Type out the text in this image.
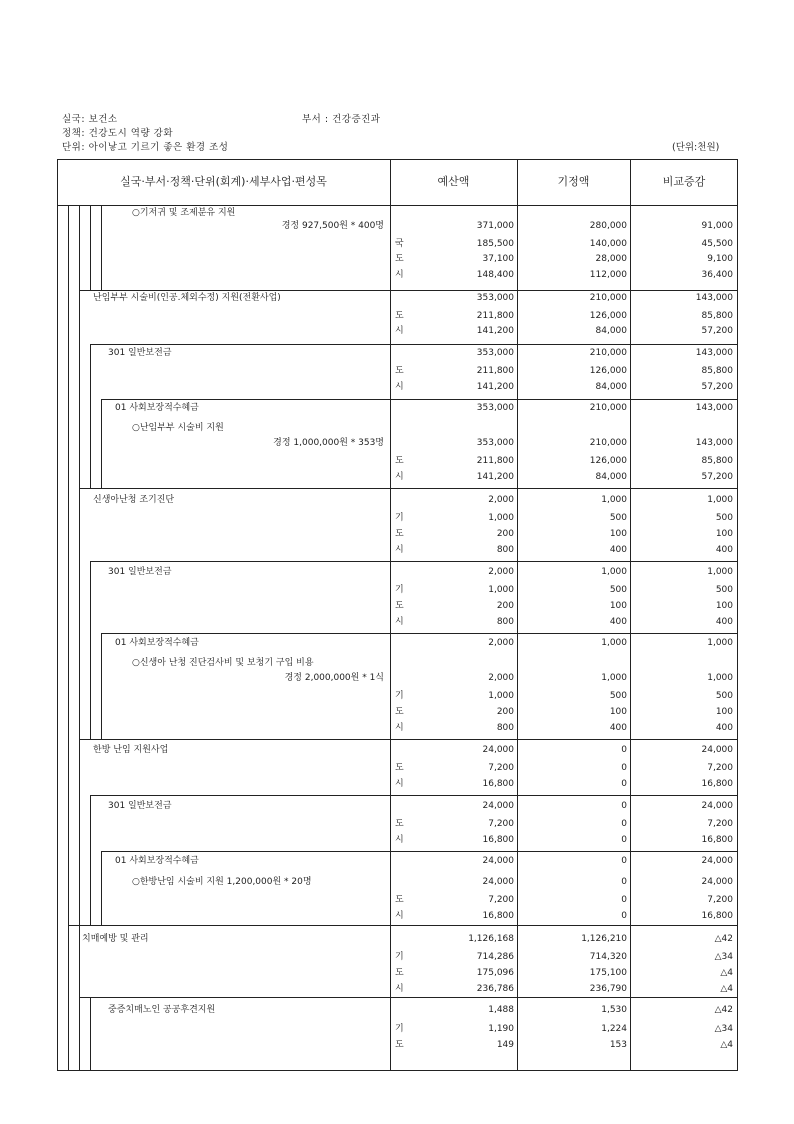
실국: 보건소	부서 : 건강증진과
정책: 건강도시 역량 강화
단위: 아이낳고 기르기 좋은 환경 조성	(단위:천원)
실국·부서·정책·단위(회계)·세부사업·편성목	예산액	기정액	비교증감
○기저귀 및 조제분유 지원
경정 927,500원 * 400명	371,000	280,000	91,000
국	185,500	140,000	45,500
도	37,100	28,000	9,100
시	148,400	112,000	36,400
난임부부 시술비(인공.체외수정) 지원(전환사업)	353,000	210,000	143,000
도	211,800	126,000	85,800
시	141,200	84,000	57,200
301 일반보전금	353,000	210,000	143,000
도	211,800	126,000	85,800
시	141,200	84,000	57,200
01 사회보장적수혜금	353,000	210,000	143,000
○난임부부 시술비 지원
경정 1,000,000원 * 353명	353,000	210,000	143,000
도	211,800	126,000	85,800
시	141,200	84,000	57,200
신생아난청 조기진단	2,000	1,000	1,000
기	1,000	500	500
도	200	100	100
시	800	400	400
301 일반보전금	2,000	1,000	1,000
기	1,000	500	500
도	200	100	100
시	800	400	400
01 사회보장적수혜금	2,000	1,000	1,000
○신생아 난청 진단검사비 및 보청기 구입 비용
경정 2,000,000원 * 1식	2,000	1,000	1,000
기	1,000	500	500
도	200	100	100
시	800	400	400
한방 난임 지원사업	24,000	0	24,000
도	7,200	0	7,200
시	16,800	0	16,800
301 일반보전금	24,000	0	24,000
도	7,200	0	7,200
시	16,800	0	16,800
01 사회보장적수혜금	24,000	0	24,000
○한방난임 시술비 지원 1,200,000원 * 20명	24,000	0	24,000
도	7,200	0	7,200
시	16,800	0	16,800
치매예방 및 관리	1,126,168	1,126,210	△42
기	714,286	714,320	△34
도	175,096	175,100	△4
시	236,786	236,790	△4
중증치매노인 공공후견지원	1,488	1,530	△42
기	1,190	1,224	△34
도	149	153	△4
